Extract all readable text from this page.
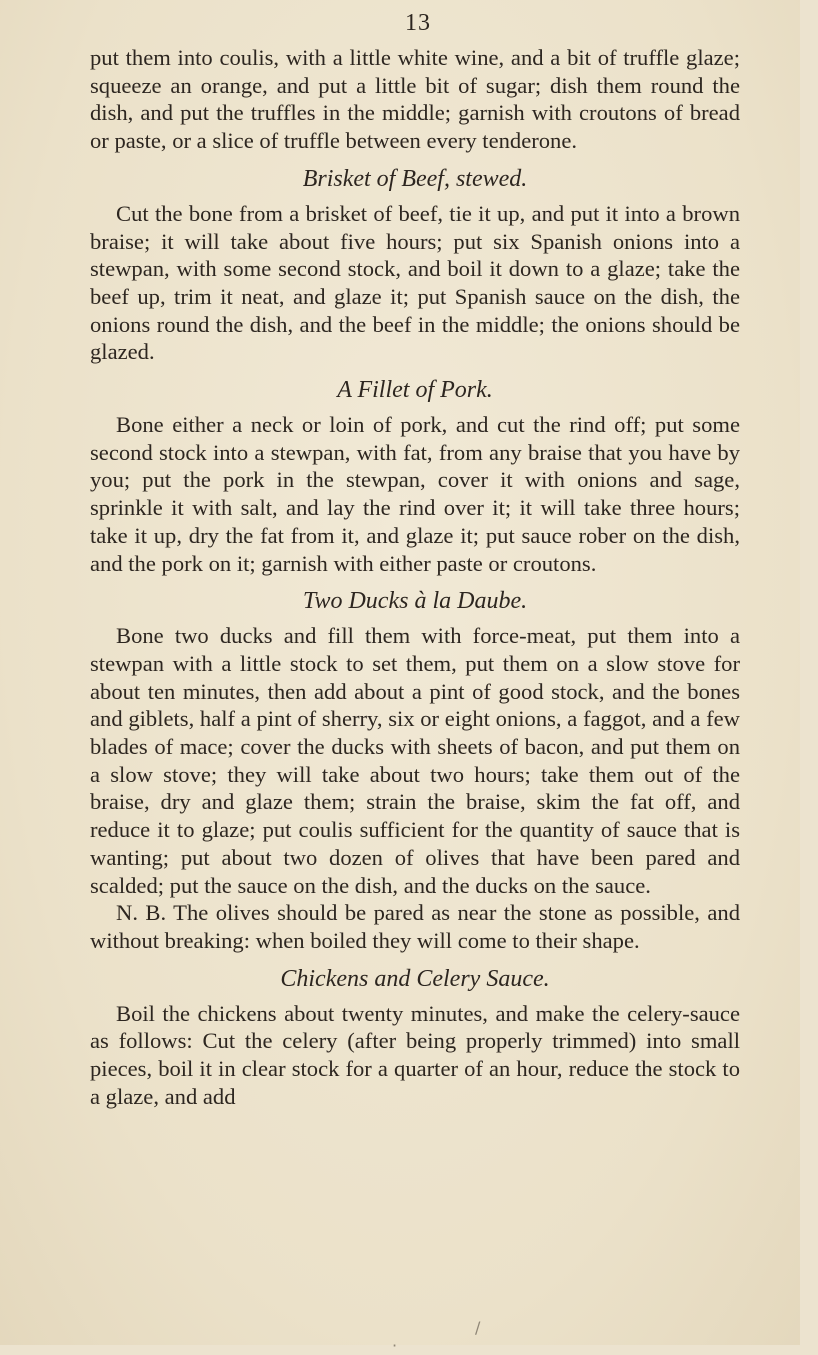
13

put them into coulis, with a little white wine, and a bit of truffle glaze; squeeze an orange, and put a little bit of sugar; dish them round the dish, and put the truffles in the middle; garnish with croutons of bread or paste, or a slice of truffle between every tenderone.

Brisket of Beef, stewed.

Cut the bone from a brisket of beef, tie it up, and put it into a brown braise; it will take about five hours; put six Spanish onions into a stewpan, with some second stock, and boil it down to a glaze; take the beef up, trim it neat, and glaze it; put Spanish sauce on the dish, the onions round the dish, and the beef in the middle; the onions should be glazed.

A Fillet of Pork.

Bone either a neck or loin of pork, and cut the rind off; put some second stock into a stewpan, with fat, from any braise that you have by you; put the pork in the stewpan, cover it with onions and sage, sprinkle it with salt, and lay the rind over it; it will take three hours; take it up, dry the fat from it, and glaze it; put sauce rober on the dish, and the pork on it; garnish with either paste or croutons.

Two Ducks à la Daube.

Bone two ducks and fill them with force-meat, put them into a stewpan with a little stock to set them, put them on a slow stove for about ten minutes, then add about a pint of good stock, and the bones and giblets, half a pint of sherry, six or eight onions, a faggot, and a few blades of mace; cover the ducks with sheets of bacon, and put them on a slow stove; they will take about two hours; take them out of the braise, dry and glaze them; strain the braise, skim the fat off, and reduce it to glaze; put coulis sufficient for the quantity of sauce that is wanting; put about two dozen of olives that have been pared and scalded; put the sauce on the dish, and the ducks on the sauce.

N. B. The olives should be pared as near the stone as possible, and without breaking: when boiled they will come to their shape.

Chickens and Celery Sauce.

Boil the chickens about twenty minutes, and make the celery-sauce as follows: Cut the celery (after being properly trimmed) into small pieces, boil it in clear stock for a quarter of an hour, reduce the stock to a glaze, and add

·
/
